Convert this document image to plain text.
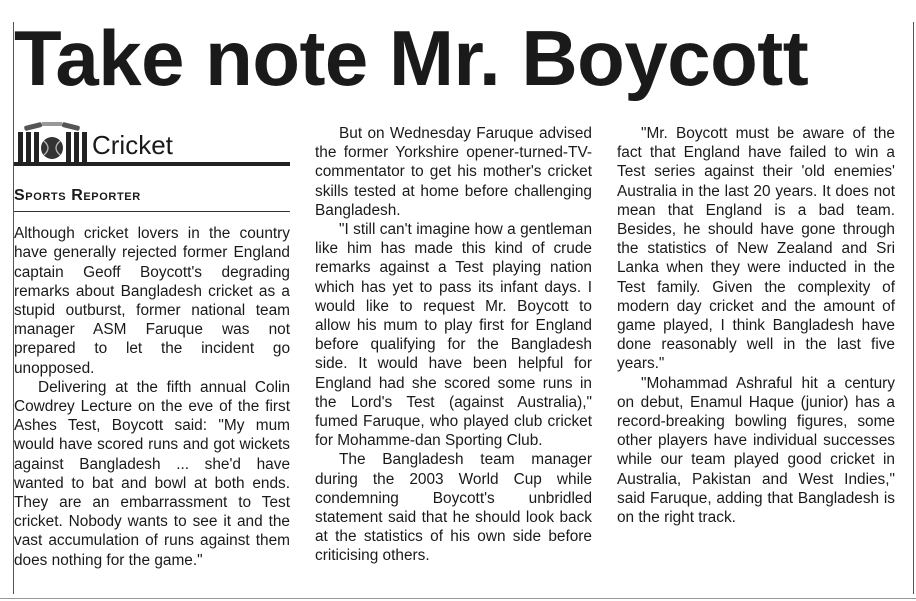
Take note Mr. Boycott
Cricket
Sports Reporter

Although cricket lovers in the country have generally rejected former England captain Geoff Boycott's degrading remarks about Bangladesh cricket as a stupid outburst, former national team manager ASM Faruque was not prepared to let the incident go unopposed.

Delivering at the fifth annual Colin Cowdrey Lecture on the eve of the first Ashes Test, Boycott said: "My mum would have scored runs and got wickets against Bangladesh ... she'd have wanted to bat and bowl at both ends. They are an embarrassment to Test cricket. Nobody wants to see it and the vast accumulation of runs against them does nothing for the game."

But on Wednesday Faruque advised the former Yorkshire opener-turned-TV-commentator to get his mother's cricket skills tested at home before challenging Bangladesh.

"I still can't imagine how a gentleman like him has made this kind of crude remarks against a Test playing nation which has yet to pass its infant days. I would like to request Mr. Boycott to allow his mum to play first for England before qualifying for the Bangladesh side. It would have been helpful for England had she scored some runs in the Lord's Test (against Australia)," fumed Faruque, who played club cricket for Mohamme-dan Sporting Club.

The Bangladesh team manager during the 2003 World Cup while condemning Boycott's unbridled statement said that he should look back at the statistics of his own side before criticising others.

"Mr. Boycott must be aware of the fact that England have failed to win a Test series against their 'old enemies' Australia in the last 20 years. It does not mean that England is a bad team. Besides, he should have gone through the statistics of New Zealand and Sri Lanka when they were inducted in the Test family. Given the complexity of modern day cricket and the amount of game played, I think Bangladesh have done reasonably well in the last five years."

"Mohammad Ashraful hit a century on debut, Enamul Haque (junior) has a record-breaking bowling figures, some other players have individual successes while our team played good cricket in Australia, Pakistan and West Indies," said Faruque, adding that Bangladesh is on the right track.
